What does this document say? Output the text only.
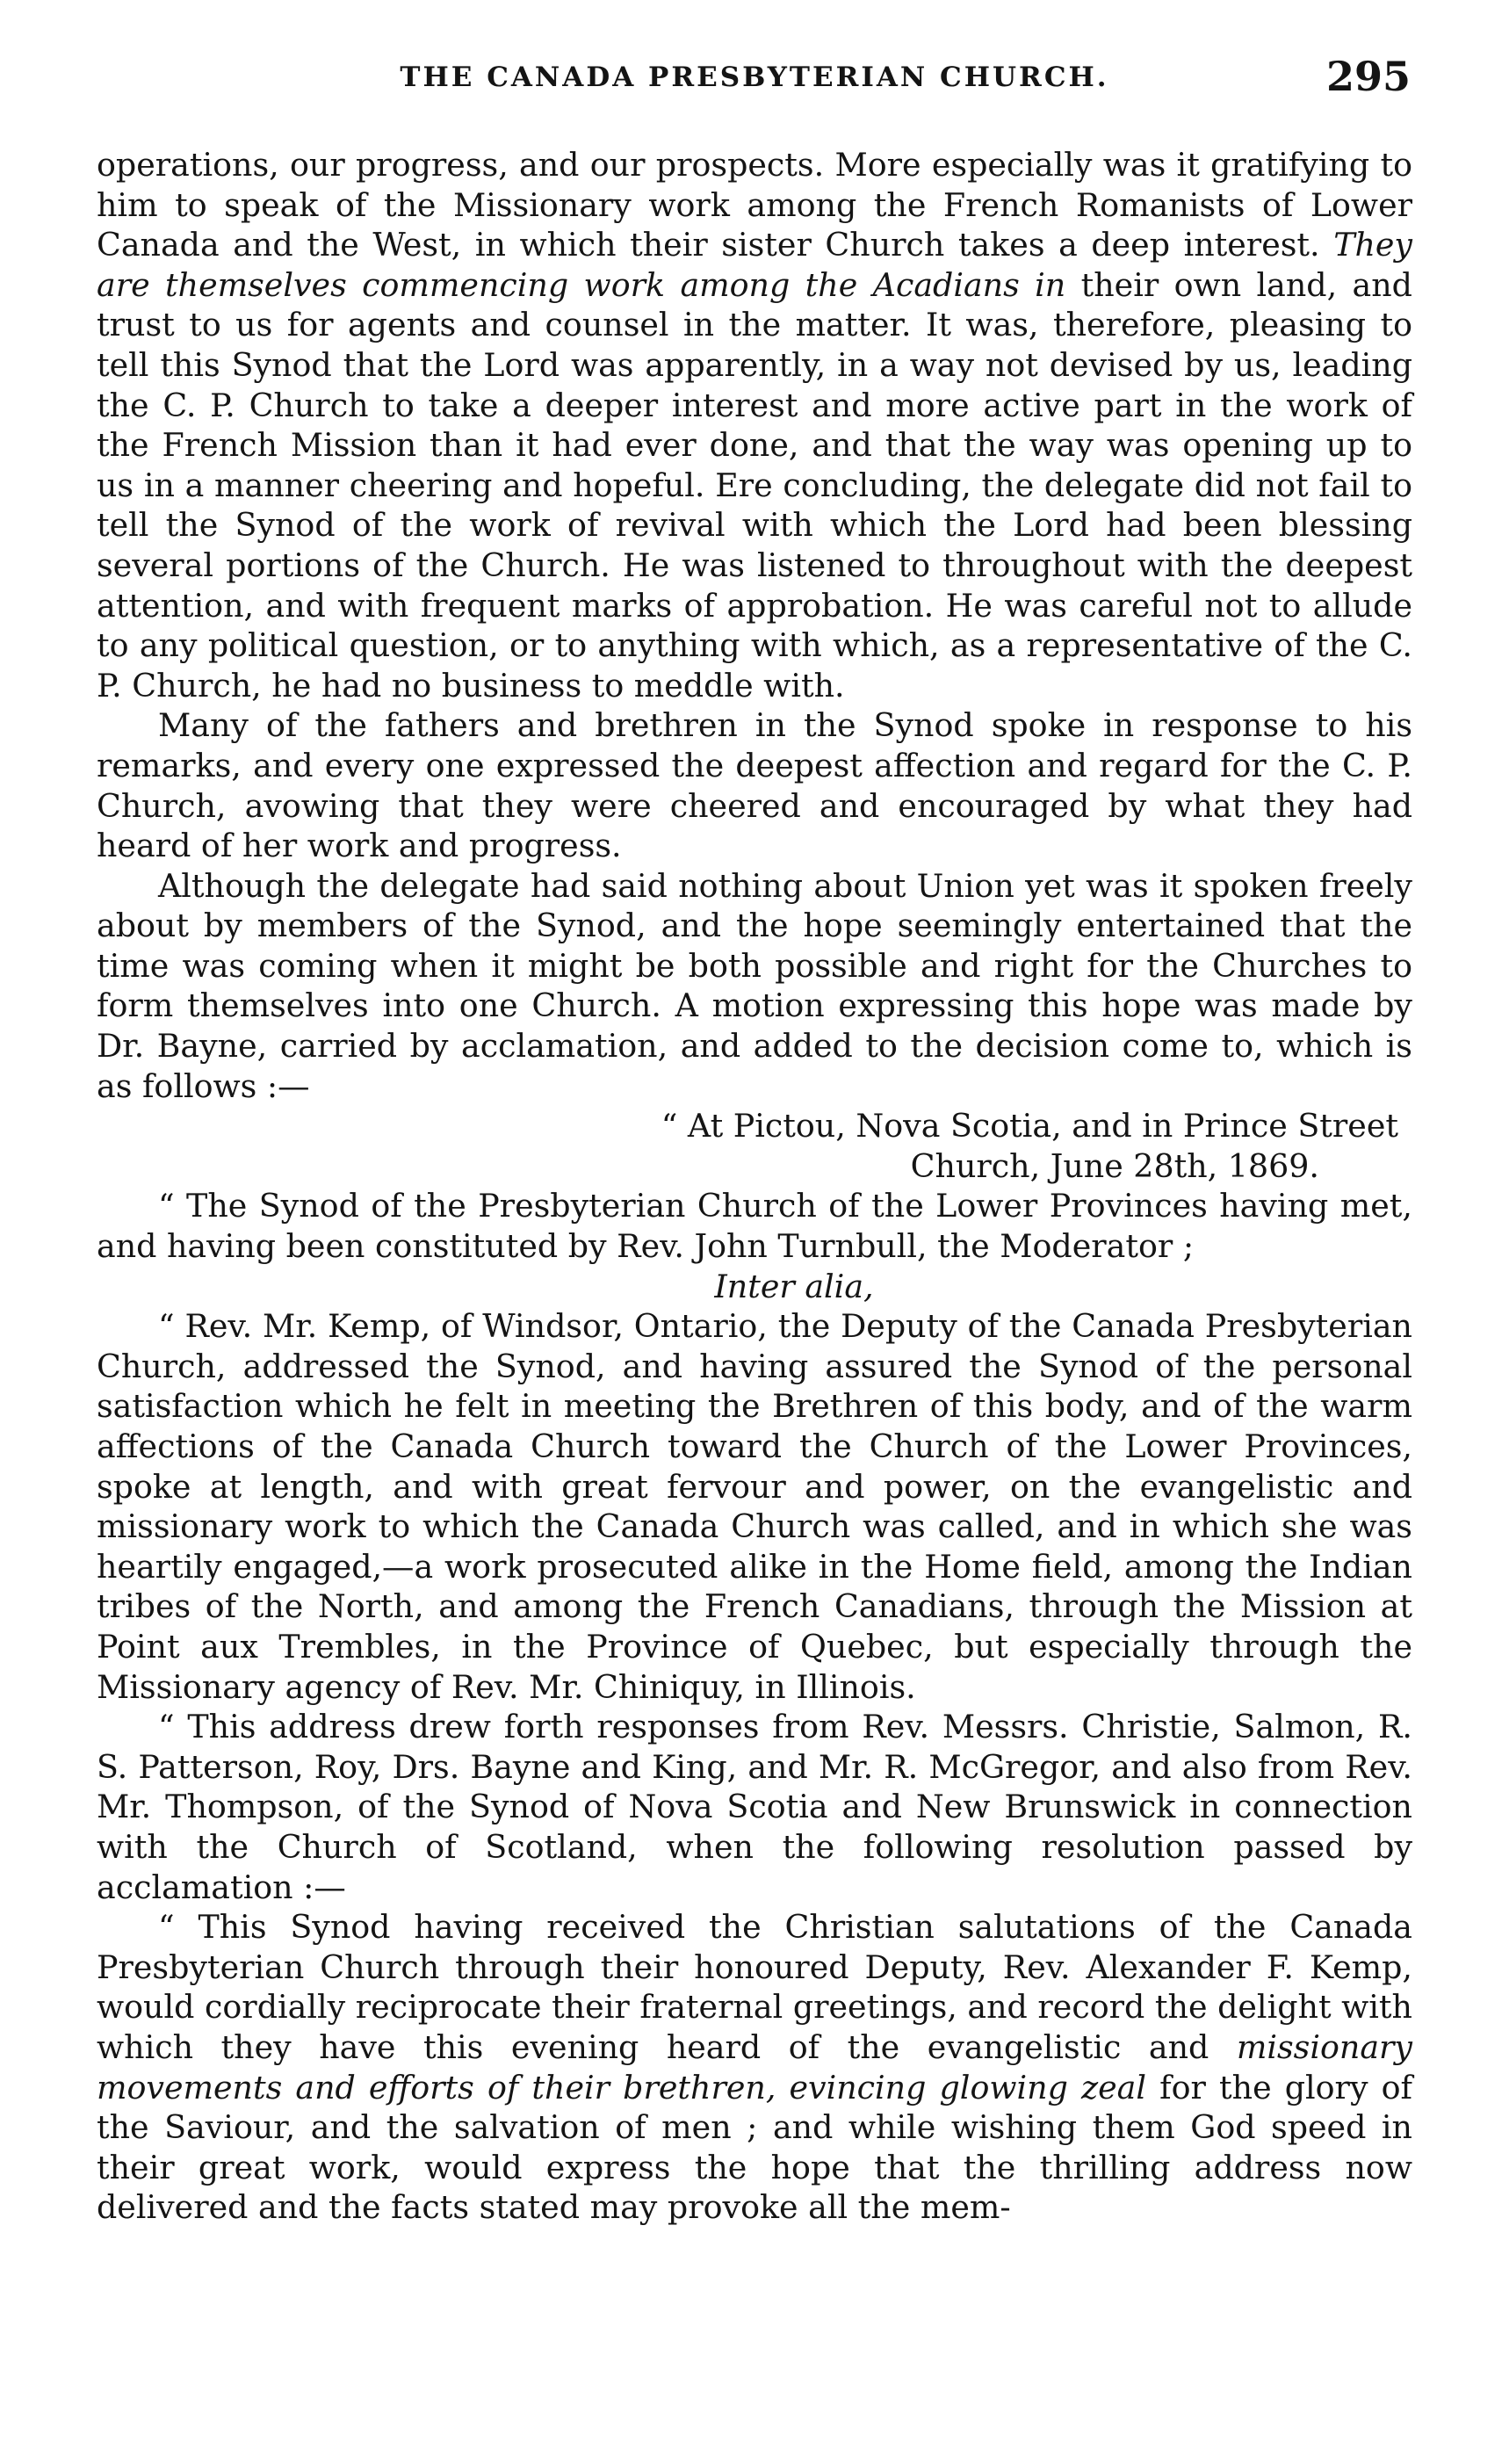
THE CANADA PRESBYTERIAN CHURCH.	295

operations, our progress, and our prospects. More especially was it gratifying to him to speak of the Missionary work among the French Romanists of Lower Canada and the West, in which their sister Church takes a deep interest. They are themselves commencing work among the Acadians in their own land, and trust to us for agents and counsel in the matter. It was, therefore, pleasing to tell this Synod that the Lord was apparently, in a way not devised by us, leading the C. P. Church to take a deeper interest and more active part in the work of the French Mission than it had ever done, and that the way was opening up to us in a manner cheering and hopeful. Ere concluding, the delegate did not fail to tell the Synod of the work of revival with which the Lord had been blessing several portions of the Church. He was listened to throughout with the deepest attention, and with frequent marks of approbation. He was careful not to allude to any political question, or to anything with which, as a representative of the C. P. Church, he had no business to meddle with.

Many of the fathers and brethren in the Synod spoke in response to his remarks, and every one expressed the deepest affection and regard for the C. P. Church, avowing that they were cheered and encouraged by what they had heard of her work and progress.

Although the delegate had said nothing about Union yet was it spoken freely about by members of the Synod, and the hope seemingly entertained that the time was coming when it might be both possible and right for the Churches to form themselves into one Church. A motion expressing this hope was made by Dr. Bayne, carried by acclamation, and added to the decision come to, which is as follows :—

“ At Pictou, Nova Scotia, and in Prince Street
Church, June 28th, 1869.

“ The Synod of the Presbyterian Church of the Lower Provinces having met, and having been constituted by Rev. John Turnbull, the Moderator ;

Inter alia,

“ Rev. Mr. Kemp, of Windsor, Ontario, the Deputy of the Canada Presbyterian Church, addressed the Synod, and having assured the Synod of the personal satisfaction which he felt in meeting the Brethren of this body, and of the warm affections of the Canada Church toward the Church of the Lower Provinces, spoke at length, and with great fervour and power, on the evangelistic and missionary work to which the Canada Church was called, and in which she was heartily engaged,—a work prosecuted alike in the Home field, among the Indian tribes of the North, and among the French Canadians, through the Mission at Point aux Trembles, in the Province of Quebec, but especially through the Missionary agency of Rev. Mr. Chiniquy, in Illinois.

“ This address drew forth responses from Rev. Messrs. Christie, Salmon, R. S. Patterson, Roy, Drs. Bayne and King, and Mr. R. McGregor, and also from Rev. Mr. Thompson, of the Synod of Nova Scotia and New Brunswick in connection with the Church of Scotland, when the following resolution passed by acclamation :—

“ This Synod having received the Christian salutations of the Canada Presbyterian Church through their honoured Deputy, Rev. Alexander F. Kemp, would cordially reciprocate their fraternal greetings, and record the delight with which they have this evening heard of the evangelistic and missionary movements and efforts of their brethren, evincing glowing zeal for the glory of the Saviour, and the salvation of men ; and while wishing them God speed in their great work, would express the hope that the thrilling address now delivered and the facts stated may provoke all the mem-
